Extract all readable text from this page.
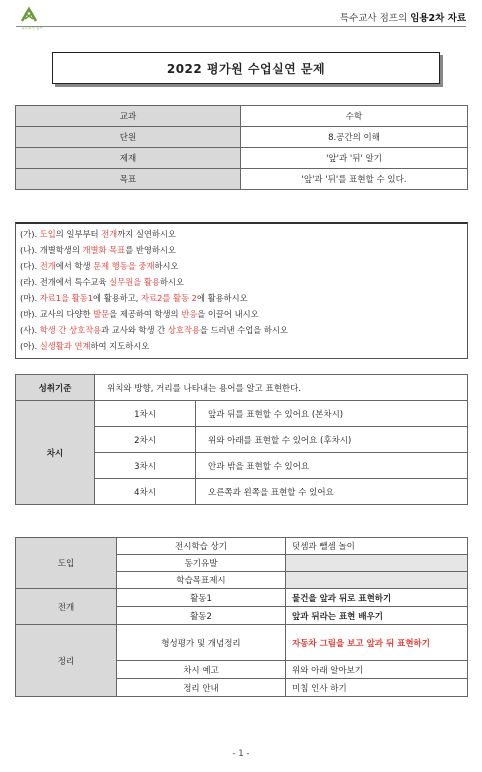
특수교사 점프
특수교사 점프의 임용2차 자료
2022 평가원 수업실연 문제
교과	수학
단원	8.공간의 이해
제재	'앞'과 '뒤' 알기
목표	'앞'과 '뒤'를 표현할 수 있다.
(가). 도입의 일부부터 전개까지 실연하시오
(나). 개별학생의 개별화 목표를 반영하시오
(다). 전개에서 학생 문제 행동을 중재하시오
(라). 전개에서 특수교육 실무원을 활용하시오
(마). 자료1을 활동1에 활용하고, 자료2를 활동 2에 활용하시오
(바). 교사의 다양한 발문을 제공하여 학생의 반응을 이끌어 내시오
(사). 학생 간 상호작용과 교사와 학생 간 상호작용을 드러낸 수업을 하시오
(아). 실생활과 연계하여 지도하시오
성취기준	위치와 방향, 거리를 나타내는 용어를 알고 표현한다.	
차시	1차시	앞과 뒤를 표현할 수 있어요 (본차시)
	2차시	위와 아래를 표현할 수 있어요 (후차시)
	3차시	안과 밖을 표현할 수 있어요
	4차시	오른쪽과 왼쪽을 표현할 수 있어요
도입	전시학습 상기	덧셈과 뺄셈 놀이
	동기유발	
	학습목표제시	
전개	활동1	물건을 앞과 뒤로 표현하기
	활동2	앞과 뒤라는 표현 배우기
정리	형성평가 및 개념정리	자동차 그림을 보고 앞과 뒤 표현하기
	차시 예고	위와 아래 알아보기
	정리 안내	미침 인사 하기
- 1 -
